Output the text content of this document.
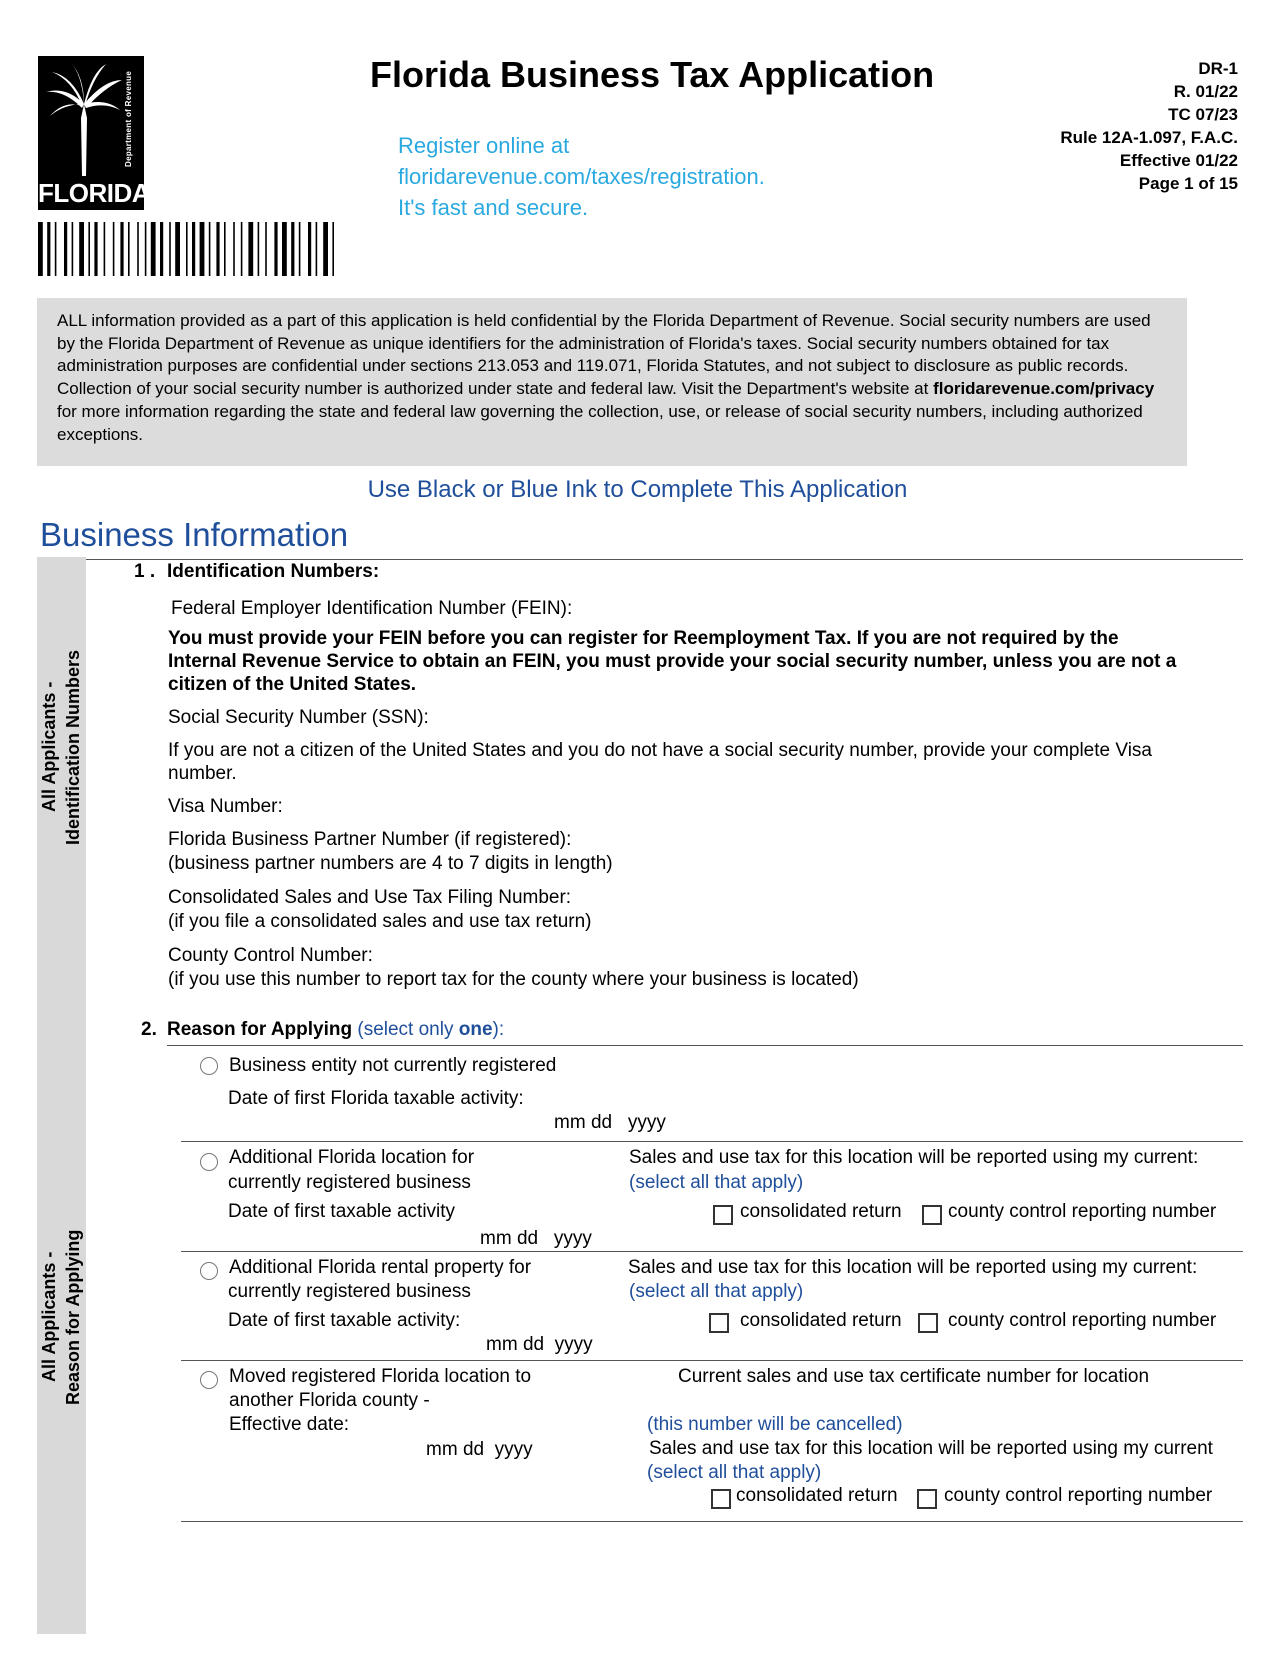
Department of Revenue
FLORIDA
Florida Business Tax Application
Register online at
floridarevenue.com/taxes/registration.
It's fast and secure.
DR-1
R. 01/22
TC 07/23
Rule 12A-1.097, F.A.C.
Effective 01/22
Page 1 of 15
ALL information provided as a part of this application is held confidential by the Florida Department of Revenue. Social security numbers are used by the Florida Department of Revenue as unique identifiers for the administration of Florida's taxes. Social security numbers obtained for tax administration purposes are confidential under sections 213.053 and 119.071, Florida Statutes, and not subject to disclosure as public records. Collection of your social security number is authorized under state and federal law. Visit the Department's website at floridarevenue.com/privacy for more information regarding the state and federal law governing the collection, use, or release of social security numbers, including authorized exceptions.
Use Black or Blue Ink to Complete This Application
Business Information
All Applicants - Identification Numbers
All Applicants - Reason for Applying
1 . Identification Numbers:
Federal Employer Identification Number (FEIN):
You must provide your FEIN before you can register for Reemployment Tax. If you are not required by the
Internal Revenue Service to obtain an FEIN, you must provide your social security number, unless you are not a
citizen of the United States.
Social Security Number (SSN):
If you are not a citizen of the United States and you do not have a social security number, provide your complete Visa
number.
Visa Number:
Florida Business Partner Number (if registered):
(business partner numbers are 4 to 7 digits in length)
Consolidated Sales and Use Tax Filing Number:
(if you file a consolidated sales and use tax return)
County Control Number:
(if you use this number to report tax for the county where your business is located)
2. Reason for Applying (select only one):
Business entity not currently registered
Date of first Florida taxable activity:
mm dd yyyy
Additional Florida location for
currently registered business
Date of first taxable activity
mm dd yyyy
Sales and use tax for this location will be reported using my current:
(select all that apply)
consolidated return county control reporting number
Additional Florida rental property for
currently registered business
Date of first taxable activity:
mm dd yyyy
Sales and use tax for this location will be reported using my current:
(select all that apply)
consolidated return county control reporting number
Moved registered Florida location to
another Florida county -
Effective date:
mm dd yyyy
Current sales and use tax certificate number for location
(this number will be cancelled)
Sales and use tax for this location will be reported using my current
(select all that apply)
consolidated return county control reporting number
